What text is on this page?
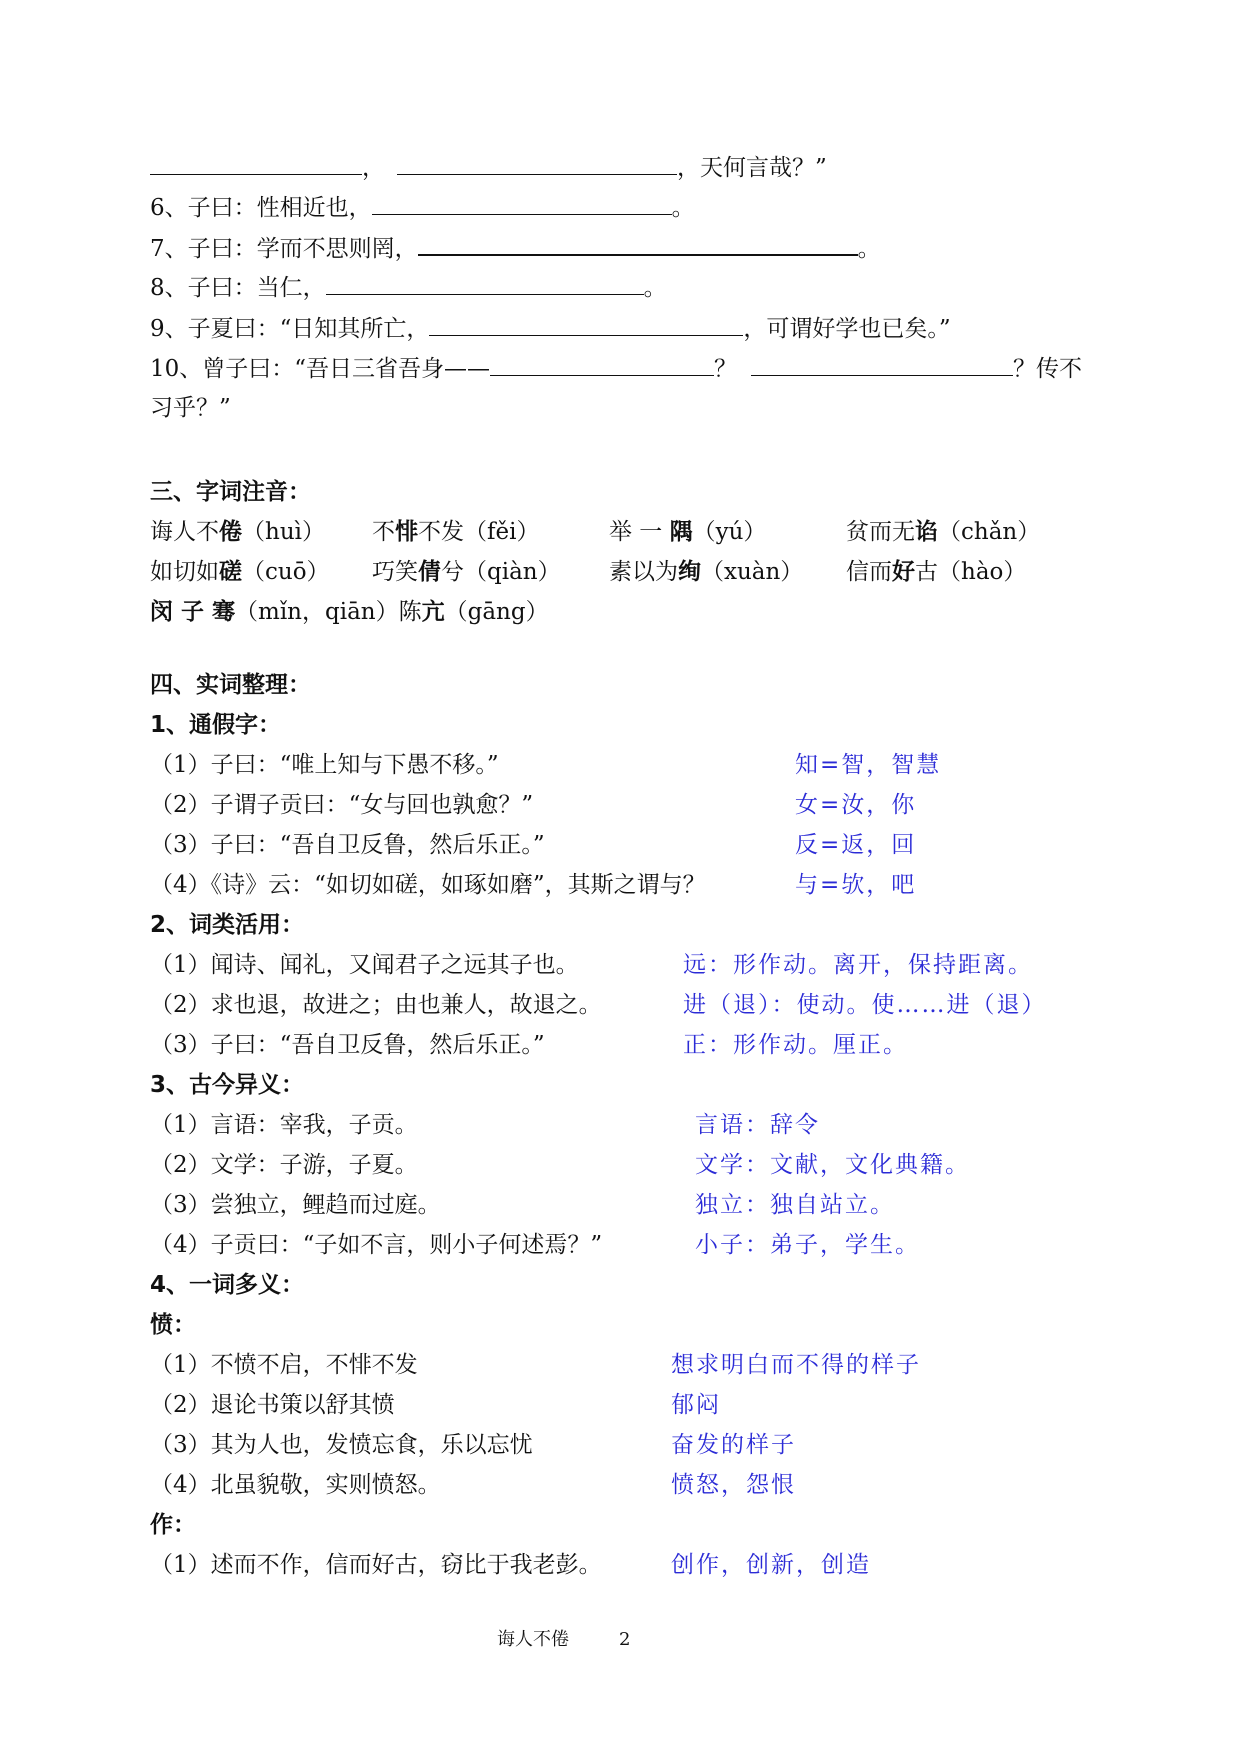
，	，天何言哉？”
6、子曰：性相近也，	。
7、子曰：学而不思则罔，	。
8、子曰：当仁，	。
9、子夏曰：“日知其所亡，	，可谓好学也已矣。”
10、曾子曰：“吾日三省吾身——	？	？传不
习乎？”
三、字词注音：
诲人不倦（huì） 不悱不发（fěi）	举 一 隅（yú）	贫而无谄（chǎn）
如切如磋（cuō） 巧笑倩兮（qiàn） 素以为绚（xuàn） 信而好古（hào）
闵 子 骞（mǐn，qiān）陈亢（gāng）
四、实词整理：
1、通假字：
（1）子曰：“唯上知与下愚不移。”	知=智，智慧
（2）子谓子贡曰：“女与回也孰愈？”	女=汝，你
（3）子曰：“吾自卫反鲁，然后乐正。”	反=返，回
（4）《诗》云：“如切如磋，如琢如磨”，其斯之谓与？	与=欤，吧
2、词类活用：
（1）闻诗、闻礼，又闻君子之远其子也。	远：形作动。离开，保持距离。
（2）求也退，故进之；由也兼人，故退之。	进（退）：使动。使……进（退）
（3）子曰：“吾自卫反鲁，然后乐正。”	正：形作动。厘正。
3、古今异义：
（1）言语：宰我，子贡。	言语：辞令
（2）文学：子游，子夏。	文学：文献，文化典籍。
（3）尝独立，鲤趋而过庭。	独立：独自站立。
（4）子贡曰：“子如不言，则小子何述焉？”	小子：弟子，学生。
4、一词多义：
愤：
（1）不愤不启，不悱不发	想求明白而不得的样子
（2）退论书策以舒其愤	郁闷
（3）其为人也，发愤忘食，乐以忘忧	奋发的样子
（4）北虽貌敬，实则愤怒。	愤怒，怨恨
作：
（1）述而不作，信而好古，窃比于我老彭。	创作，创新，创造
诲人不倦	2
